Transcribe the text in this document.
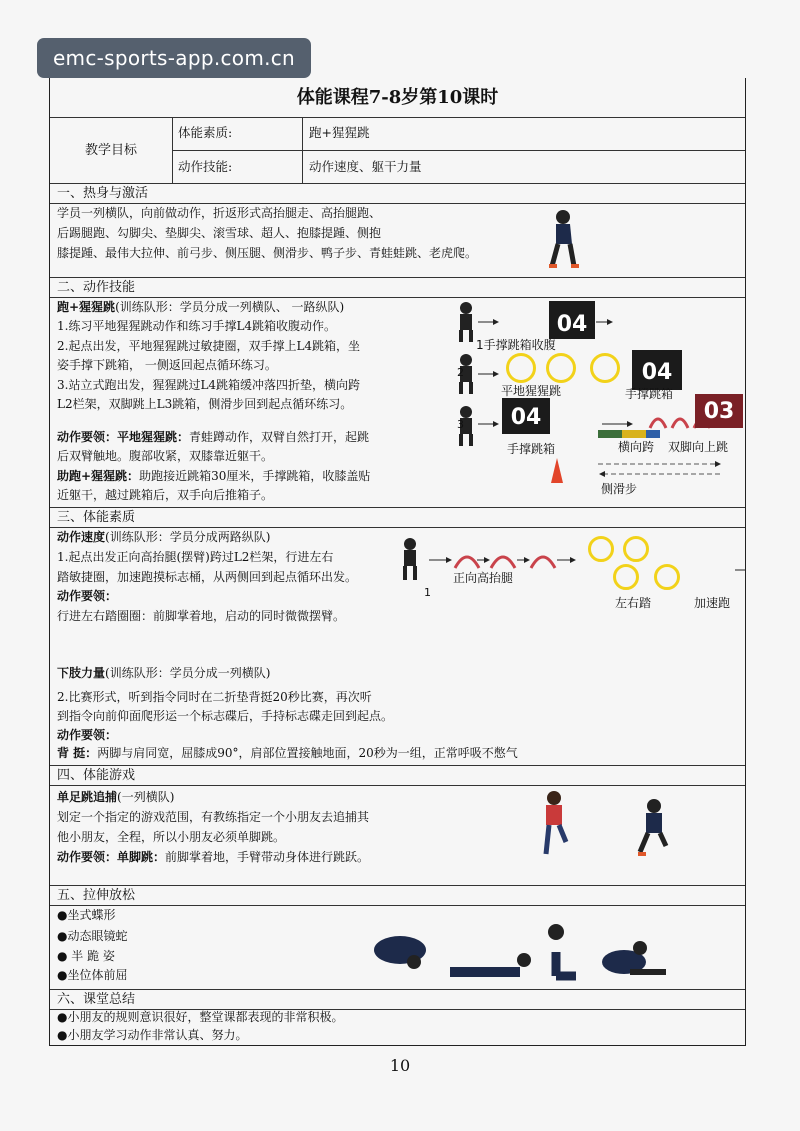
emc-sports-app.com.cn
体能课程7-8岁第10课时
教学目标
体能素质:	跑+猩猩跳
动作技能:	动作速度、躯干力量
一、热身与激活
学员一列横队，向前做动作，折返形式高抬腿走、高抬腿跑、
后踢腿跑、勾脚尖、垫脚尖、滚雪球、超人、抱膝提踵、侧抱
膝提踵、最伟大拉伸、前弓步、侧压腿、侧滑步、鸭子步、青蛙蛙跳、老虎爬。
二、动作技能
跑+猩猩跳(训练队形：学员分成一列横队、 一路纵队)
1.练习平地猩猩跳动作和练习手撑L4跳箱收腹动作。
2.起点出发，平地猩猩跳过敏捷圈，双手撑上L4跳箱，坐
姿手撑下跳箱， 一侧返回起点循环练习。
3.站立式跑出发，猩猩跳过L4跳箱缓冲落四折垫，横向跨
L2栏架，双脚跳上L3跳箱，侧滑步回到起点循环练习。
动作要领：平地猩猩跳：青蛙蹲动作，双臂自然打开，起跳
后双臂触地。腹部收紧，双膝靠近躯干。
助跑+猩猩跳：助跑接近跳箱30厘米，手撑跳箱，收膝盖贴
近躯干，越过跳箱后，双手向后推箱子。
04
04
04	03
2
3
1手撑跳箱收腹
平地猩猩跳	手撑跳箱
手撑跳箱	横向跨 双脚向上跳
侧滑步
三、体能素质
动作速度(训练队形：学员分成两路纵队)
1.起点出发正向高抬腿(摆臂)跨过L2栏架，行进左右
踏敏捷圈，加速跑摸标志桶，从两侧回到起点循环出发。
动作要领：
行进左右踏圈圈：前脚掌着地，启动的同时微微摆臂。
1
正向高抬腿
左右踏	加速跑
下肢力量(训练队形：学员分成一列横队)
2.比赛形式，听到指令同时在二折垫背挺20秒比赛，再次听
到指令向前仰面爬形运一个标志碟后，手持标志碟走回到起点。
动作要领：
背 挺：两脚与肩同宽，屈膝成90°，肩部位置接触地面，20秒为一组，正常呼吸不憋气
四、体能游戏
单足跳追捕(一列横队)
划定一个指定的游戏范围，有教练指定一个小朋友去追捕其
他小朋友，全程，所以小朋友必须单脚跳。
动作要领：单脚跳：前脚掌着地，手臂带动身体进行跳跃。
五、拉伸放松
●坐式蝶形
●动态眼镜蛇
● 半 跪 姿
●坐位体前屈
六、课堂总结
●小朋友的规则意识很好，整堂课都表现的非常积极。
●小朋友学习动作非常认真、努力。
10
